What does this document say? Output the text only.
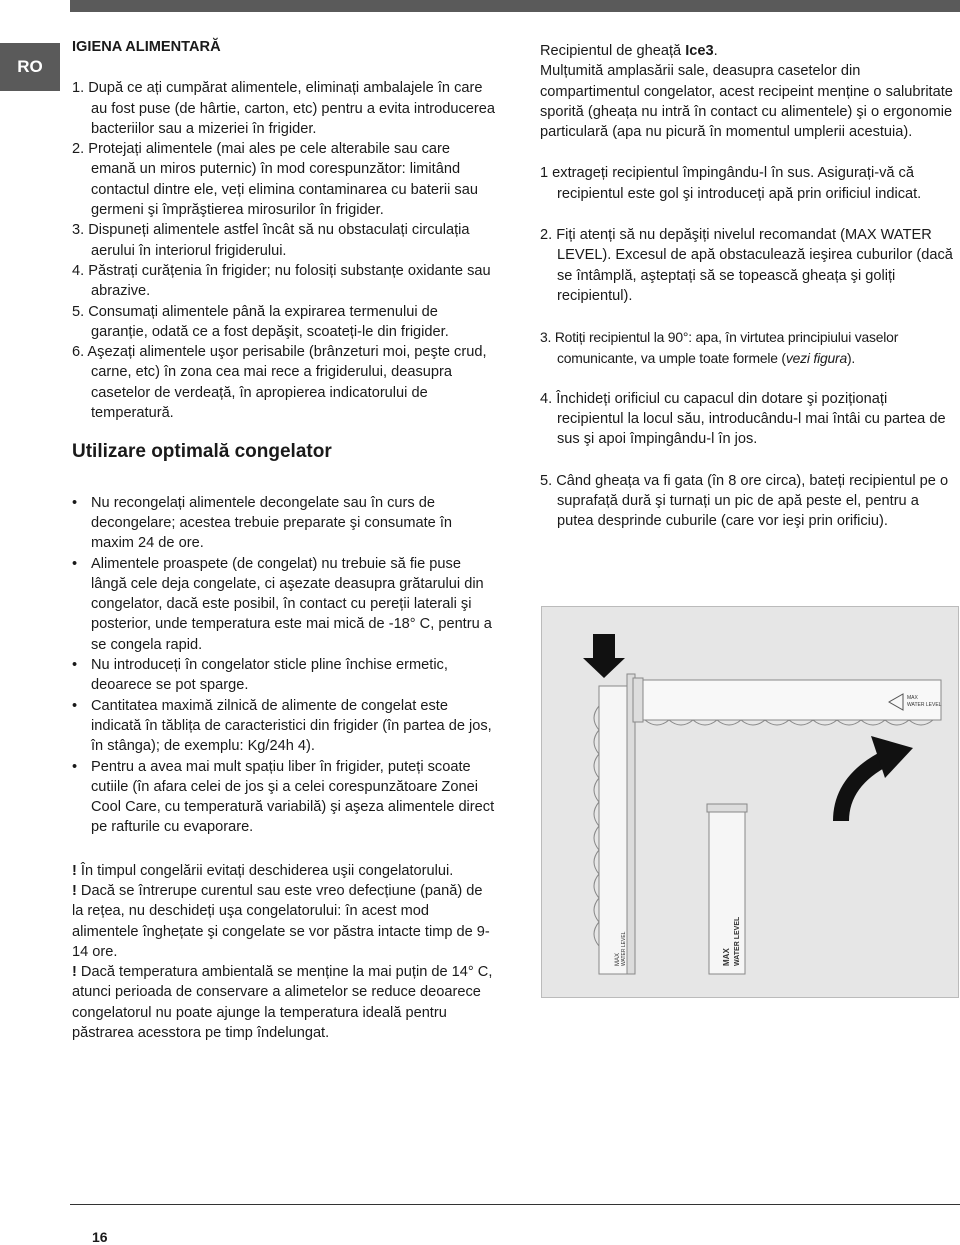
RO

IGIENA ALIMENTARĂ

1. După ce ați cumpărat alimentele, eliminați ambalajele în care au fost puse (de hârtie, carton, etc) pentru a evita introducerea bacteriilor sau a mizeriei în frigider.

2. Protejați alimentele (mai ales pe cele alterabile sau care emană un miros puternic) în mod corespunzător: limitând contactul dintre ele, veți elimina contaminarea cu baterii sau germeni şi împrăştierea mirosurilor în frigider.

3. Dispuneți alimentele astfel încât să nu obstaculați circulația aerului în interiorul frigiderului.

4. Păstrați curățenia în frigider; nu folosiți substanțe oxidante sau abrazive.

5. Consumați alimentele până la expirarea termenului de garanție, odată ce a fost depăşit, scoateți-le din frigider.

6. Aşezați alimentele uşor perisabile (brânzeturi moi, peşte crud, carne, etc) în zona cea mai rece a frigiderului, deasupra casetelor de verdeață, în apropierea indicatorului de temperatură.

Utilizare optimală congelator

• Nu recongelați alimentele decongelate sau în curs de decongelare; acestea trebuie preparate şi consumate în maxim 24 de ore.
• Alimentele proaspete (de congelat) nu trebuie să fie puse lângă cele deja congelate, ci aşezate deasupra grătarului din congelator, dacă este posibil, în contact cu pereții laterali şi posterior, unde temperatura este mai mică de -18° C, pentru a se congela rapid.
• Nu introduceți în congelator sticle pline închise ermetic, deoarece se pot sparge.
• Cantitatea maximă zilnică de alimente de congelat este indicată în tăblița de caracteristici din frigider (în partea de jos, în stânga); de exemplu: Kg/24h 4).
• Pentru a avea mai mult spațiu liber în frigider, puteți scoate cutiile (în afara celei de jos şi a celei corespunzătoare Zonei Cool Care, cu temperatură variabilă) şi aşeza alimentele direct pe rafturile cu evaporare.

! În timpul congelării evitați deschiderea uşii congelatorului.

! Dacă se întrerupe curentul sau este vreo defecțiune (pană) de la rețea, nu deschideți uşa congelatorului: în acest mod alimentele înghețate şi congelate se vor păstra intacte timp de 9-14 ore.

! Dacă temperatura ambientală se menține la mai puțin de 14° C, atunci perioada de conservare a alimetelor se reduce deoarece congelatorul nu poate ajunge la temperatura ideală pentru păstrarea acesstora pe timp îndelungat.

Recipientul de gheață Ice3.

Mulțumită amplasării sale, deasupra casetelor din compartimentul congelator, acest recipeint menține o salubritate sporită (gheața nu intră în contact cu alimentele) şi o ergonomie particulară (apa nu picură în momentul umplerii acestuia).

1 extrageți recipientul împingându-l în sus. Asigurați-vă că recipientul este gol şi introduceți apă prin orificiul indicat.

2. Fiți atenți să nu depăşiți nivelul recomandat (MAX WATER LEVEL). Excesul de apă obstaculează ieşirea cuburilor (dacă se întâmplă, aşteptați să se topească gheața şi goliți recipientul).

3. Rotiți recipientul la 90°: apa, în virtutea principiului vaselor comunicante, va umple toate formele (vezi figura).

4. Închideți orificiul cu capacul din dotare şi poziționați recipientul la locul său, introducându-l mai întâi cu partea de sus şi apoi împingându-l în jos.

5. Când gheața va fi gata (în 8 ore circa), bateți recipientul pe o suprafață dură şi turnați un pic de apă peste el, pentru a putea desprinde cuburile (care vor ieşi prin orificiu).

MAX WATER LEVEL
MAX
WATER LEVEL
MAX WATER LEVEL
16
